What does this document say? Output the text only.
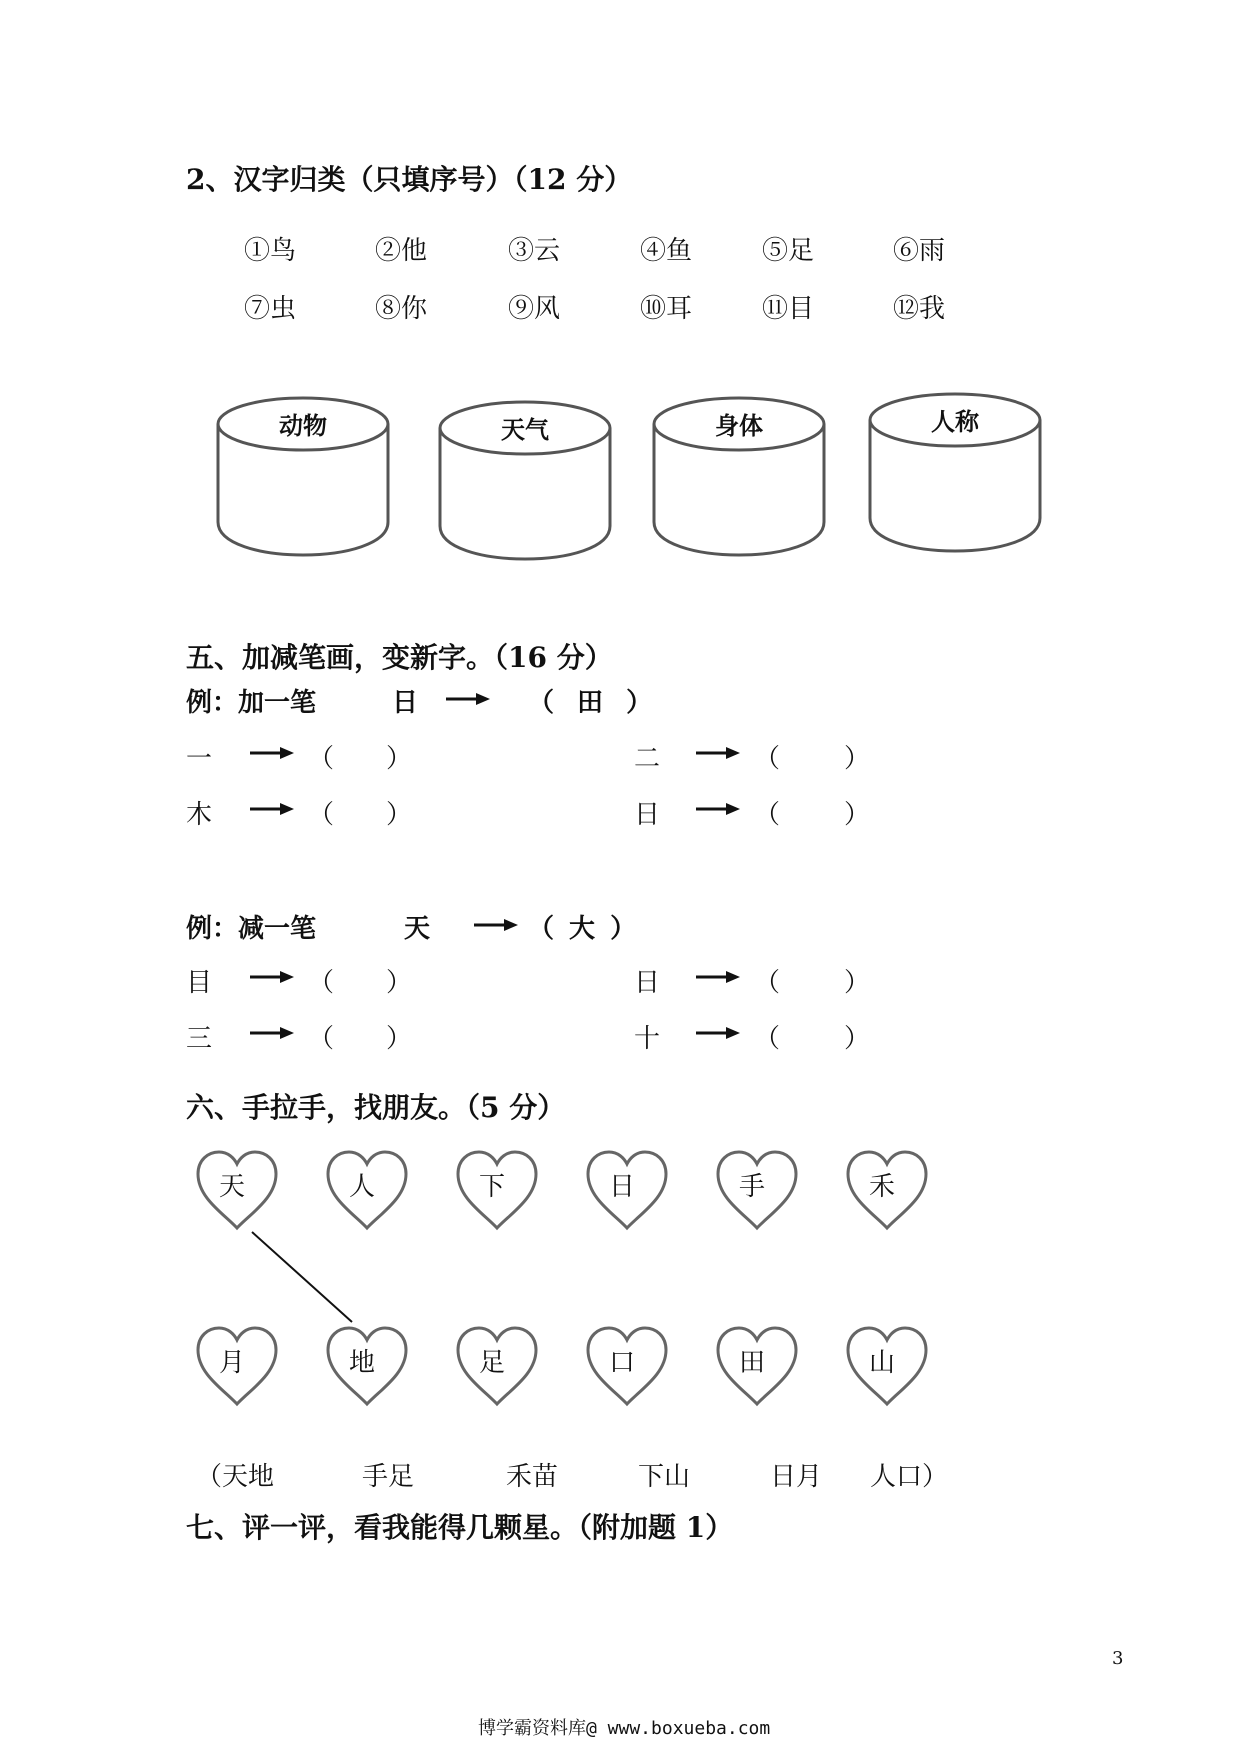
2、汉字归类（只填序号）（12 分）
①鸟	②他	③云	④鱼	⑤足	⑥雨
⑦虫	⑧你	⑨风	⑩耳	⑪目	⑫我
动物	天气	身体	人称
五、加减笔画，变新字。（16 分）
例：加一笔	日	（ 田 ）
一	（ ）	二	（ ）
木	（ ）	日	（ ）
例：减一笔	天	（ 大 ）
目	（ ）	日	（ ）
三	（ ）	十	（ ）
六、手拉手，找朋友。（5 分）
天	人	下	日	手	禾
月	地	足	口	田	山
（天地	手足	禾苗	下山	日月 人口）
七、评一评，看我能得几颗星。（附加题 1）
3
博学霸资料库@ www.boxueba.com
